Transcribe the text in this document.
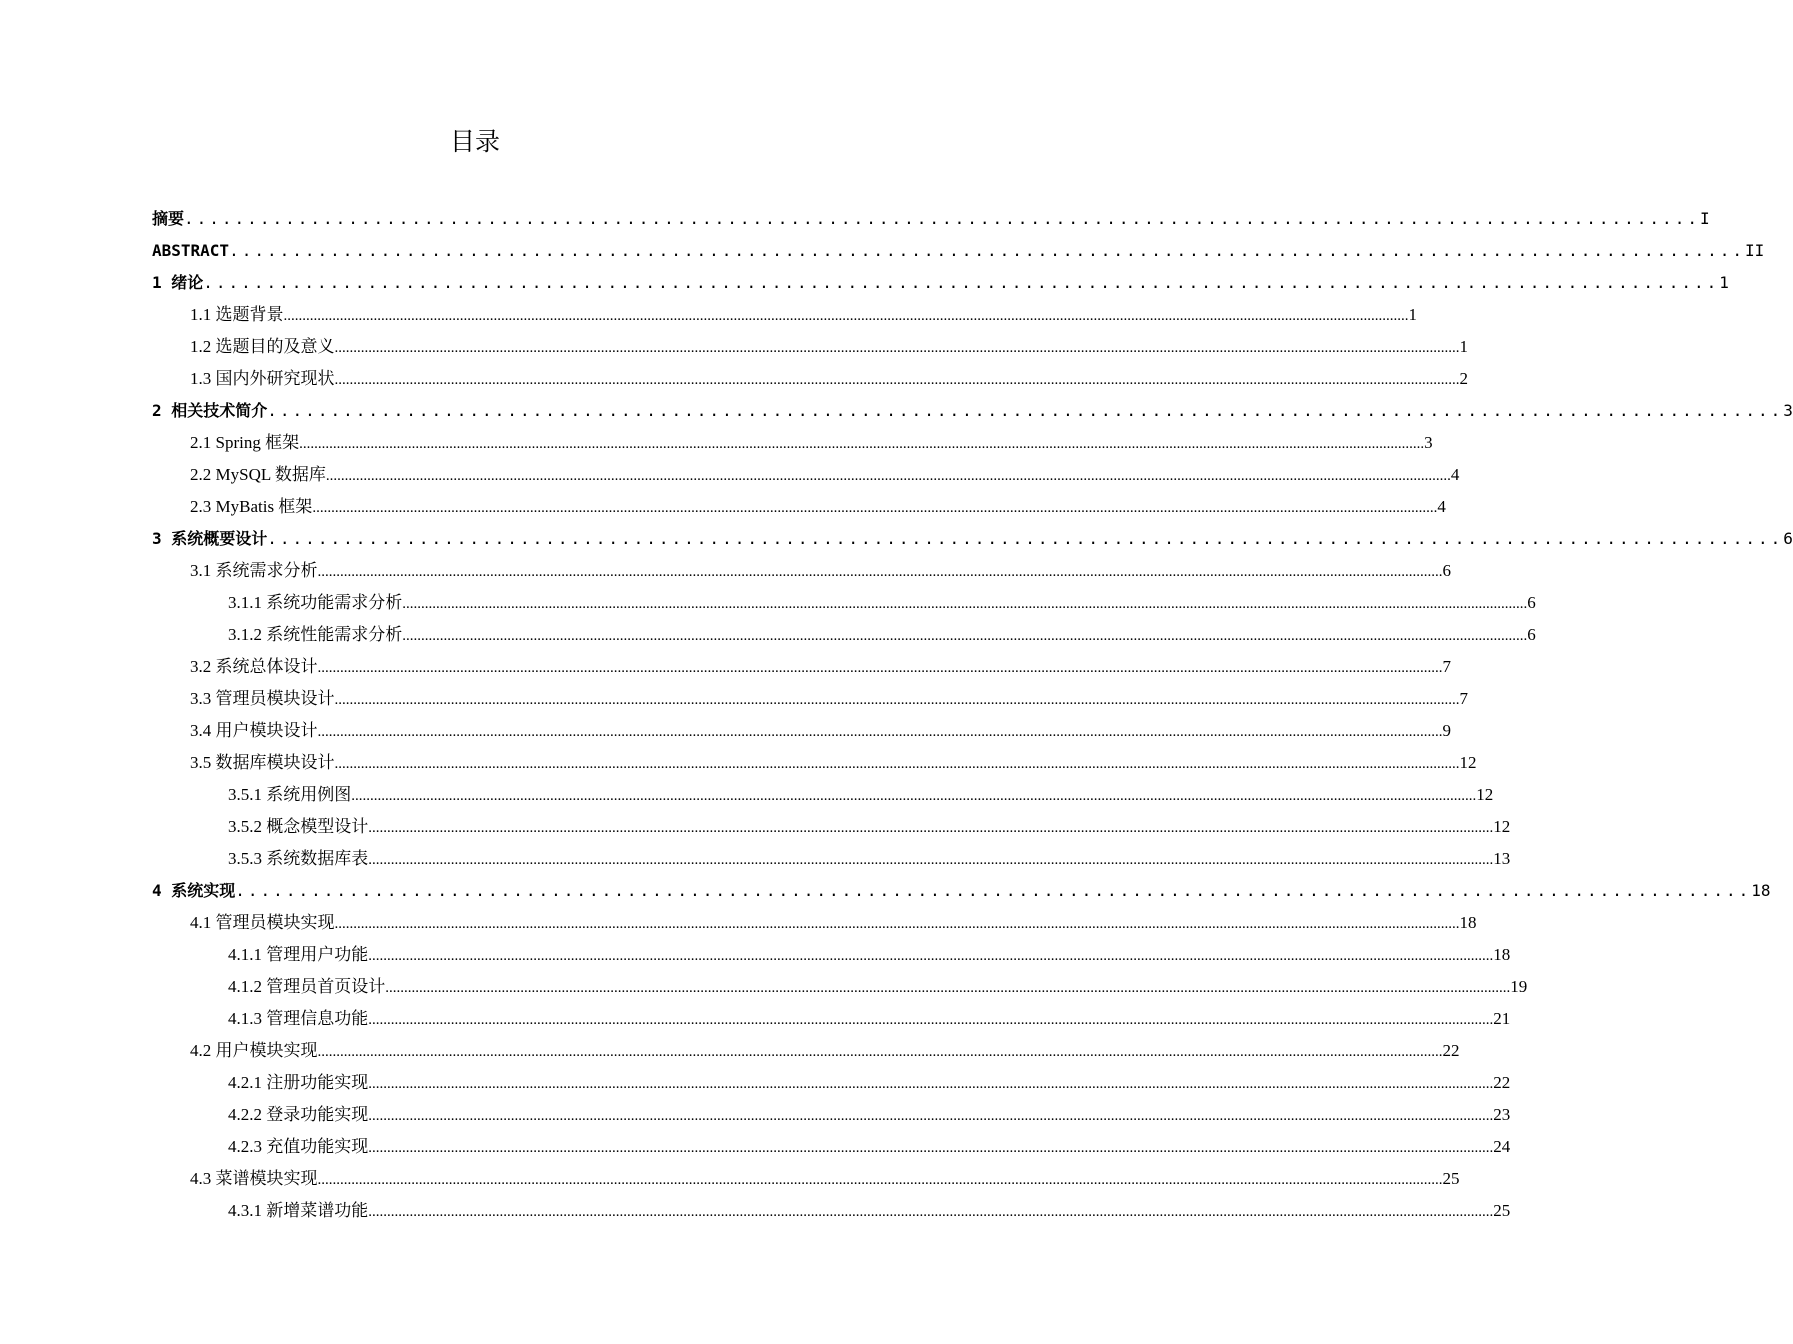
目录
摘要 ........................................................................................................................ I
ABSTRACT ........................................................................................................................ II
1 绪论 ........................................................................................................................ 1
1.1 选题背景 ............................................................................................................................................................................................................................................................................................................ 1
1.2 选题目的及意义 ............................................................................................................................................................................................................................................................................................................ 1
1.3 国内外研究现状 ............................................................................................................................................................................................................................................................................................................ 2
2 相关技术简介 ........................................................................................................................ 3
2.1 Spring 框架 ............................................................................................................................................................................................................................................................................................................ 3
2.2 MySQL 数据库 ............................................................................................................................................................................................................................................................................................................ 4
2.3 MyBatis 框架 ............................................................................................................................................................................................................................................................................................................ 4
3 系统概要设计 ........................................................................................................................ 6
3.1 系统需求分析 ............................................................................................................................................................................................................................................................................................................ 6
3.1.1 系统功能需求分析 ............................................................................................................................................................................................................................................................................................................ 6
3.1.2 系统性能需求分析 ............................................................................................................................................................................................................................................................................................................ 6
3.2 系统总体设计 ............................................................................................................................................................................................................................................................................................................ 7
3.3 管理员模块设计 ............................................................................................................................................................................................................................................................................................................ 7
3.4 用户模块设计 ............................................................................................................................................................................................................................................................................................................ 9
3.5 数据库模块设计 ............................................................................................................................................................................................................................................................................................................ 12
3.5.1 系统用例图 ............................................................................................................................................................................................................................................................................................................ 12
3.5.2 概念模型设计 ............................................................................................................................................................................................................................................................................................................ 12
3.5.3 系统数据库表 ............................................................................................................................................................................................................................................................................................................ 13
4 系统实现 ........................................................................................................................ 18
4.1 管理员模块实现 ............................................................................................................................................................................................................................................................................................................ 18
4.1.1 管理用户功能 ............................................................................................................................................................................................................................................................................................................ 18
4.1.2 管理员首页设计 ............................................................................................................................................................................................................................................................................................................ 19
4.1.3 管理信息功能 ............................................................................................................................................................................................................................................................................................................ 21
4.2 用户模块实现 ............................................................................................................................................................................................................................................................................................................ 22
4.2.1 注册功能实现 ............................................................................................................................................................................................................................................................................................................ 22
4.2.2 登录功能实现 ............................................................................................................................................................................................................................................................................................................ 23
4.2.3 充值功能实现 ............................................................................................................................................................................................................................................................................................................ 24
4.3 菜谱模块实现 ............................................................................................................................................................................................................................................................................................................ 25
4.3.1 新增菜谱功能 ............................................................................................................................................................................................................................................................................................................ 25
